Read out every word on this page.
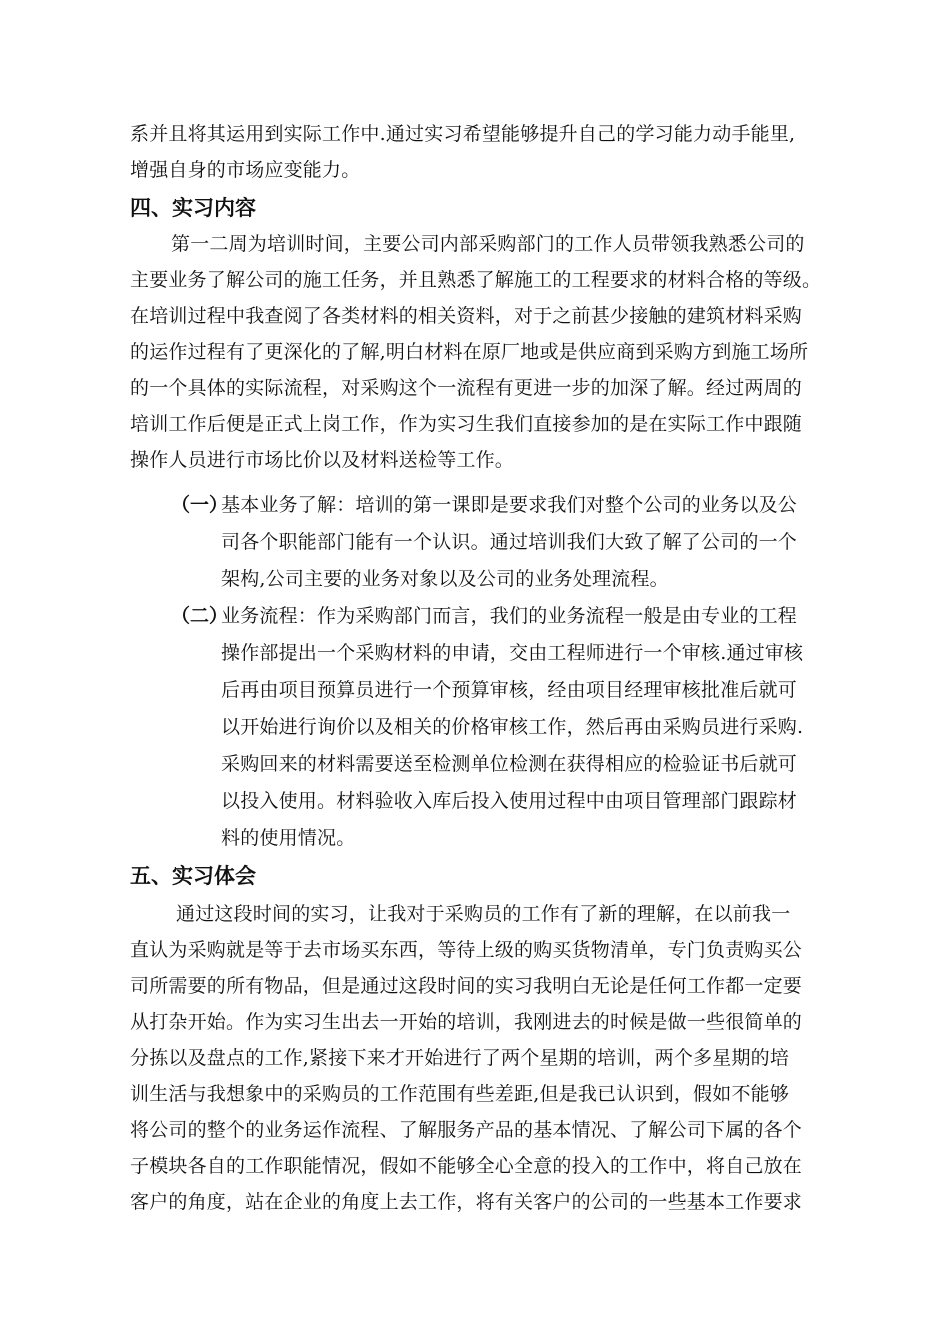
系并且将其运用到实际工作中.通过实习希望能够提升自己的学习能力动手能里,
增强自身的市场应变能力。
四、实习内容
第一二周为培训时间，主要公司内部采购部门的工作人员带领我熟悉公司的
主要业务了解公司的施工任务，并且熟悉了解施工的工程要求的材料合格的等级。
在培训过程中我查阅了各类材料的相关资料，对于之前甚少接触的建筑材料采购
的运作过程有了更深化的了解,明白材料在原厂地或是供应商到采购方到施工场所
的一个具体的实际流程，对采购这个一流程有更进一步的加深了解。经过两周的
培训工作后便是正式上岗工作，作为实习生我们直接参加的是在实际工作中跟随
操作人员进行市场比价以及材料送检等工作。
（一）
基本业务了解：培训的第一课即是要求我们对整个公司的业务以及公
司各个职能部门能有一个认识。通过培训我们大致了解了公司的一个
架构,公司主要的业务对象以及公司的业务处理流程。
（二）
业务流程：作为采购部门而言，我们的业务流程一般是由专业的工程
操作部提出一个采购材料的申请，交由工程师进行一个审核.通过审核
后再由项目预算员进行一个预算审核，经由项目经理审核批准后就可
以开始进行询价以及相关的价格审核工作，然后再由采购员进行采购.
采购回来的材料需要送至检测单位检测在获得相应的检验证书后就可
以投入使用。材料验收入库后投入使用过程中由项目管理部门跟踪材
料的使用情况。
五、实习体会
通过这段时间的实习，让我对于采购员的工作有了新的理解，在以前我一
直认为采购就是等于去市场买东西，等待上级的购买货物清单，专门负责购买公
司所需要的所有物品，但是通过这段时间的实习我明白无论是任何工作都一定要
从打杂开始。作为实习生出去一开始的培训，我刚进去的时候是做一些很简单的
分拣以及盘点的工作,紧接下来才开始进行了两个星期的培训，两个多星期的培
训生活与我想象中的采购员的工作范围有些差距,但是我已认识到，假如不能够
将公司的整个的业务运作流程、了解服务产品的基本情况、了解公司下属的各个
子模块各自的工作职能情况，假如不能够全心全意的投入的工作中，将自己放在
客户的角度，站在企业的角度上去工作，将有关客户的公司的一些基本工作要求
